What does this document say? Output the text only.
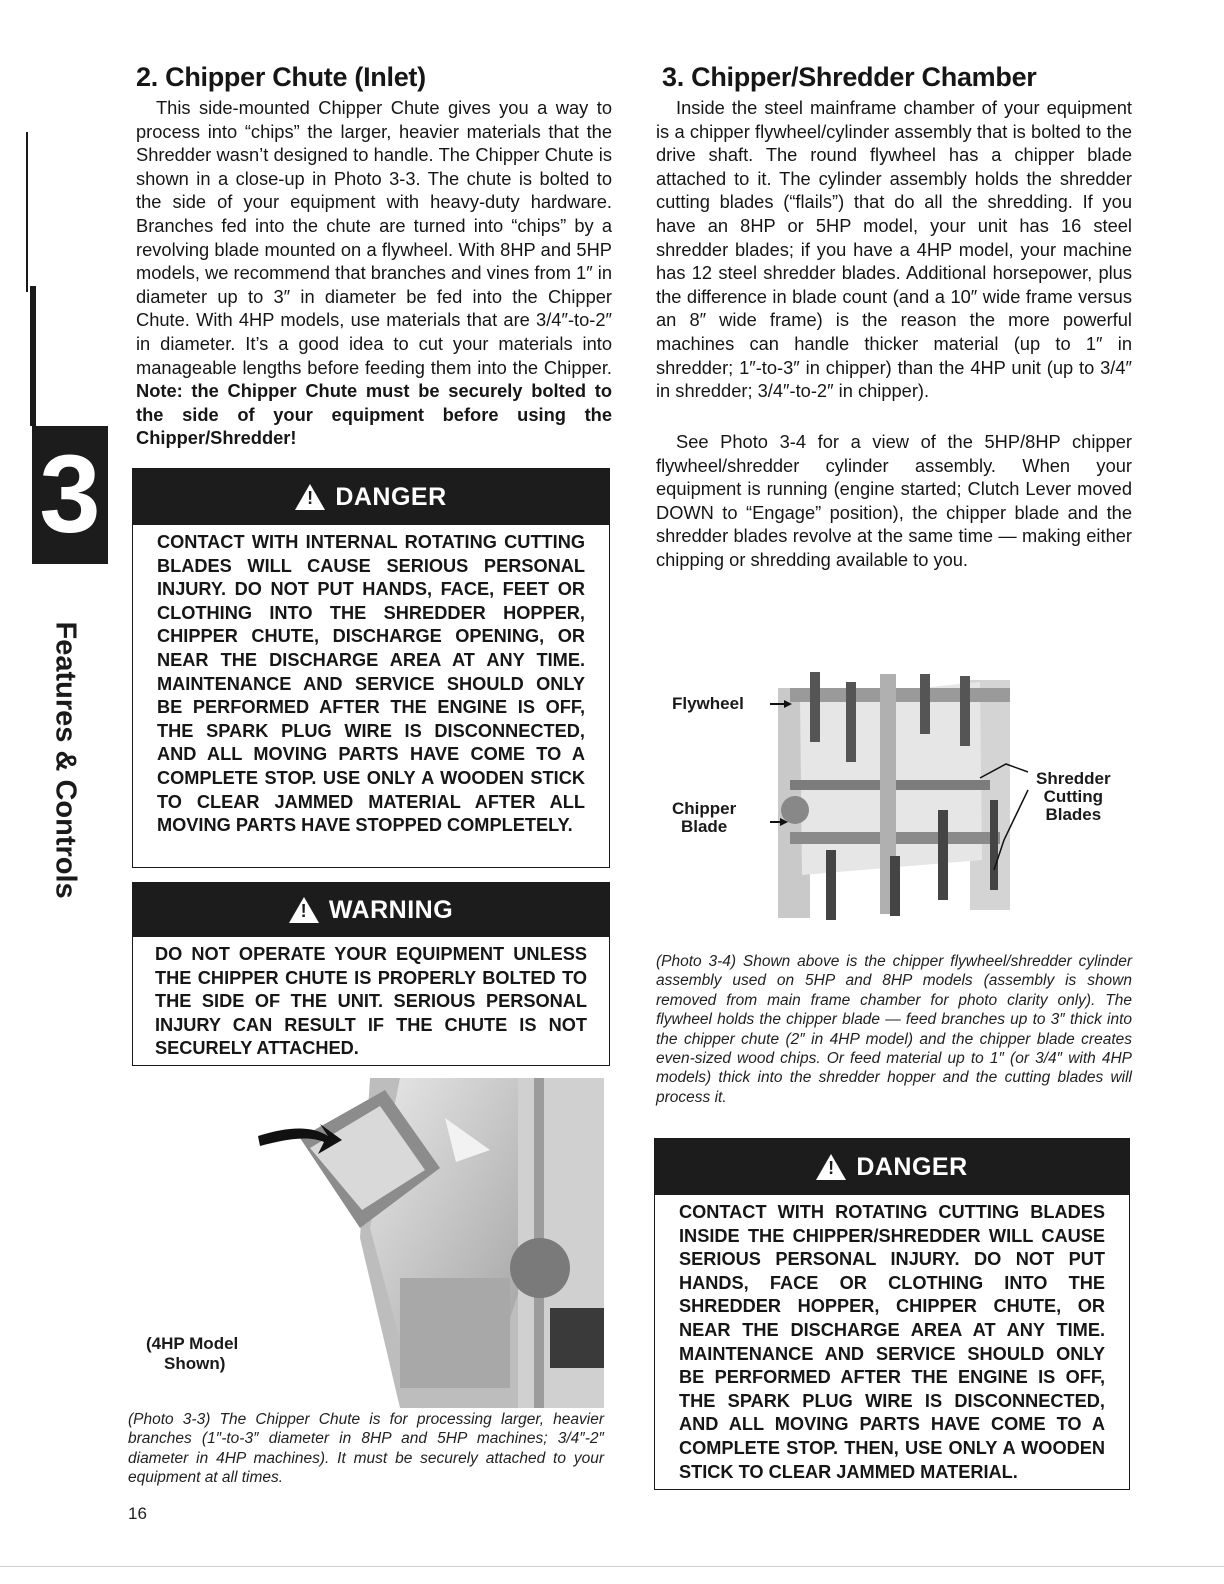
3
Features & Controls
2. Chipper Chute (Inlet)

This side-mounted Chipper Chute gives you a way to process into “chips” the larger, heavier materials that the Shredder wasn’t designed to handle. The Chipper Chute is shown in a close-up in Photo 3-3. The chute is bolted to the side of your equipment with heavy-duty hardware. Branches fed into the chute are turned into “chips” by a revolving blade mounted on a flywheel. With 8HP and 5HP models, we recommend that branches and vines from 1″ in diameter up to 3″ in diameter be fed into the Chipper Chute. With 4HP models, use materials that are 3/4″-to-2″ in diameter. It’s a good idea to cut your materials into manageable lengths before feeding them into the Chipper. Note: the Chipper Chute must be securely bolted to the side of your equipment before using the Chipper/Shredder!

! DANGER

CONTACT WITH INTERNAL ROTATING CUTTING BLADES WILL CAUSE SERIOUS PERSONAL INJURY. DO NOT PUT HANDS, FACE, FEET OR CLOTHING INTO THE SHREDDER HOPPER, CHIPPER CHUTE, DISCHARGE OPENING, OR NEAR THE DISCHARGE AREA AT ANY TIME. MAINTENANCE AND SERVICE SHOULD ONLY BE PERFORMED AFTER THE ENGINE IS OFF, THE SPARK PLUG WIRE IS DISCONNECTED, AND ALL MOVING PARTS HAVE COME TO A COMPLETE STOP. USE ONLY A WOODEN STICK TO CLEAR JAMMED MATERIAL AFTER ALL MOVING PARTS HAVE STOPPED COMPLETELY.

! WARNING

DO NOT OPERATE YOUR EQUIPMENT UNLESS THE CHIPPER CHUTE IS PROPERLY BOLTED TO THE SIDE OF THE UNIT. SERIOUS PERSONAL INJURY CAN RESULT IF THE CHUTE IS NOT SECURELY ATTACHED.

(4HP Model
Shown)

(Photo 3-3) The Chipper Chute is for processing larger, heavier branches (1″-to-3″ diameter in 8HP and 5HP machines; 3/4″-2″ diameter in 4HP machines). It must be securely attached to your equipment at all times.

3. Chipper/Shredder Chamber

Inside the steel mainframe chamber of your equipment is a chipper flywheel/cylinder assembly that is bolted to the drive shaft. The round flywheel has a chipper blade attached to it. The cylinder assembly holds the shredder cutting blades (“flails”) that do all the shredding. If you have an 8HP or 5HP model, your unit has 16 steel shredder blades; if you have a 4HP model, your machine has 12 steel shredder blades. Additional horsepower, plus the difference in blade count (and a 10″ wide frame versus an 8″ wide frame) is the reason the more powerful machines can handle thicker material (up to 1″ in shredder; 1″-to-3″ in chipper) than the 4HP unit (up to 3/4″ in shredder; 3/4″-to-2″ in chipper).

See Photo 3-4 for a view of the 5HP/8HP chipper flywheel/shredder cylinder assembly. When your equipment is running (engine started; Clutch Lever moved DOWN to “Engage” position), the chipper blade and the shredder blades revolve at the same time — making either chipping or shredding available to you.

Flywheel
Chipper
Blade
Shredder
Cutting
Blades

(Photo 3-4) Shown above is the chipper flywheel/shredder cylinder assembly used on 5HP and 8HP models (assembly is shown removed from main frame chamber for photo clarity only). The flywheel holds the chipper blade — feed branches up to 3″ thick into the chipper chute (2″ in 4HP model) and the chipper blade creates even-sized wood chips. Or feed material up to 1″ (or 3/4″ with 4HP models) thick into the shredder hopper and the cutting blades will process it.

! DANGER

CONTACT WITH ROTATING CUTTING BLADES INSIDE THE CHIPPER/SHREDDER WILL CAUSE SERIOUS PERSONAL INJURY. DO NOT PUT HANDS, FACE OR CLOTHING INTO THE SHREDDER HOPPER, CHIPPER CHUTE, OR NEAR THE DISCHARGE AREA AT ANY TIME. MAINTENANCE AND SERVICE SHOULD ONLY BE PERFORMED AFTER THE ENGINE IS OFF, THE SPARK PLUG WIRE IS DISCONNECTED, AND ALL MOVING PARTS HAVE COME TO A COMPLETE STOP. THEN, USE ONLY A WOODEN STICK TO CLEAR JAMMED MATERIAL.

16
